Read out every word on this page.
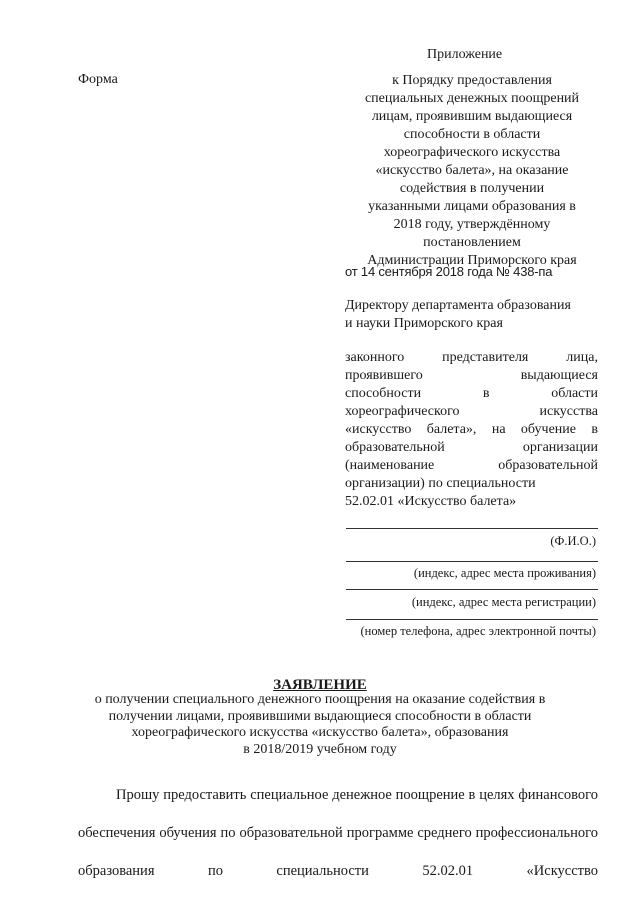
Форма
Приложение
к Порядку предоставления
специальных денежных поощрений
лицам, проявившим выдающиеся
способности в области
хореографического искусства
«искусство балета», на оказание
содействия в получении
указанными лицами образования в
2018 году, утверждённому
постановлением
Администрации Приморского края
от 14 сентября 2018 года № 438-па
Директору департамента образования
и науки Приморского края
законного представителя лица,
проявившего выдающиеся
способности в области
хореографического искусства
«искусство балета», на обучение в
образовательной организации
(наименование образовательной
организации) по специальности
52.02.01 «Искусство балета»
(Ф.И.О.)
(индекс, адрес места проживания)
(индекс, адрес места регистрации)
(номер телефона, адрес электронной почты)
ЗАЯВЛЕНИЕ
о получении специального денежного поощрения на оказание содействия в
получении лицами, проявившими выдающиеся способности в области
хореографического искусства «искусство балета», образования
в 2018/2019 учебном году
Прошу предоставить специальное денежное поощрение в целях финансового обеспечения обучения по образовательной программе среднего профессионального образования по специальности 52.02.01 «Искусство
